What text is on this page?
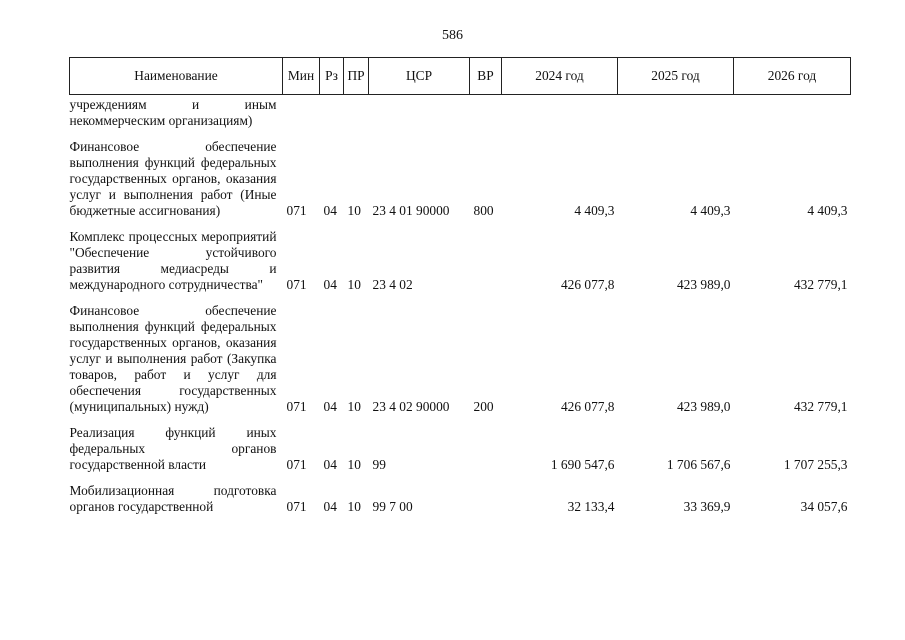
586
Наименование	Мин	Рз	ПР	ЦСР	ВР	2024 год	2025 год	2026 год
учреждениям и иным некоммерческим организациям)								
Финансовое обеспечение выполнения функций федеральных государственных органов, оказания услуг и выполнения работ (Иные бюджетные ассигнования)	071	04	10	23 4 01 90000	800	4 409,3	4 409,3	4 409,3
Комплекс процессных мероприятий "Обеспечение устойчивого развития медиасреды и международного сотрудничества"	071	04	10	23 4 02		426 077,8	423 989,0	432 779,1
Финансовое обеспечение выполнения функций федеральных государственных органов, оказания услуг и выполнения работ (Закупка товаров, работ и услуг для обеспечения государственных (муниципальных) нужд)	071	04	10	23 4 02 90000	200	426 077,8	423 989,0	432 779,1
Реализация функций иных федеральных органов государственной власти	071	04	10	99		1 690 547,6	1 706 567,6	1 707 255,3
Мобилизационная подготовка органов государственной	071	04	10	99 7 00		32 133,4	33 369,9	34 057,6
